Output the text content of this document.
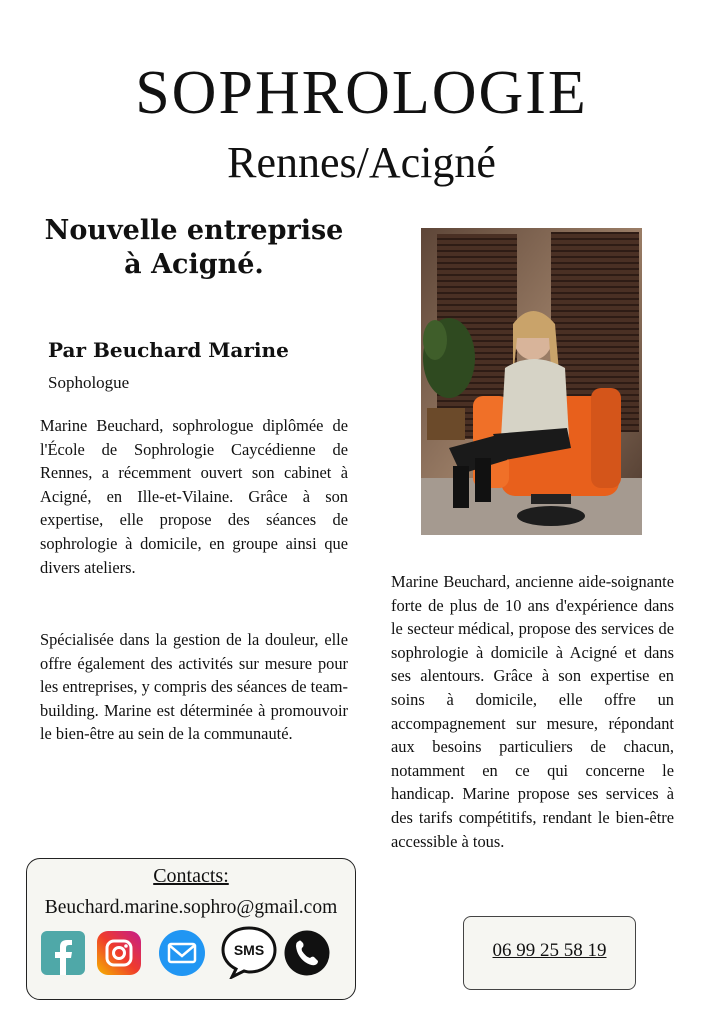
SOPHROLOGIE
Rennes/Acigné
Nouvelle entreprise
à Acigné.
Par Beuchard Marine
Sophologue

Marine Beuchard, sophrologue diplômée de l'École de Sophrologie Caycédienne de Rennes, a récemment ouvert son cabinet à Acigné, en Ille-et-Vilaine. Grâce à son expertise, elle propose des séances de sophrologie à domicile, en groupe ainsi que divers ateliers.

Spécialisée dans la gestion de la douleur, elle offre également des activités sur mesure pour les entreprises, y compris des séances de team-building. Marine est déterminée à promouvoir le bien-être au sein de la communauté.

Marine Beuchard, ancienne aide-soignante forte de plus de 10 ans d'expérience dans le secteur médical, propose des services de sophrologie à domicile à Acigné et dans ses alentours. Grâce à son expertise en soins à domicile, elle offre un accompagnement sur mesure, répondant aux besoins particuliers de chacun, notamment en ce qui concerne le handicap. Marine propose ses services à des tarifs compétitifs, rendant le bien-être accessible à tous.

Contacts:
Beuchard.marine.sophro@gmail.com
SMS	06 99 25 58 19
